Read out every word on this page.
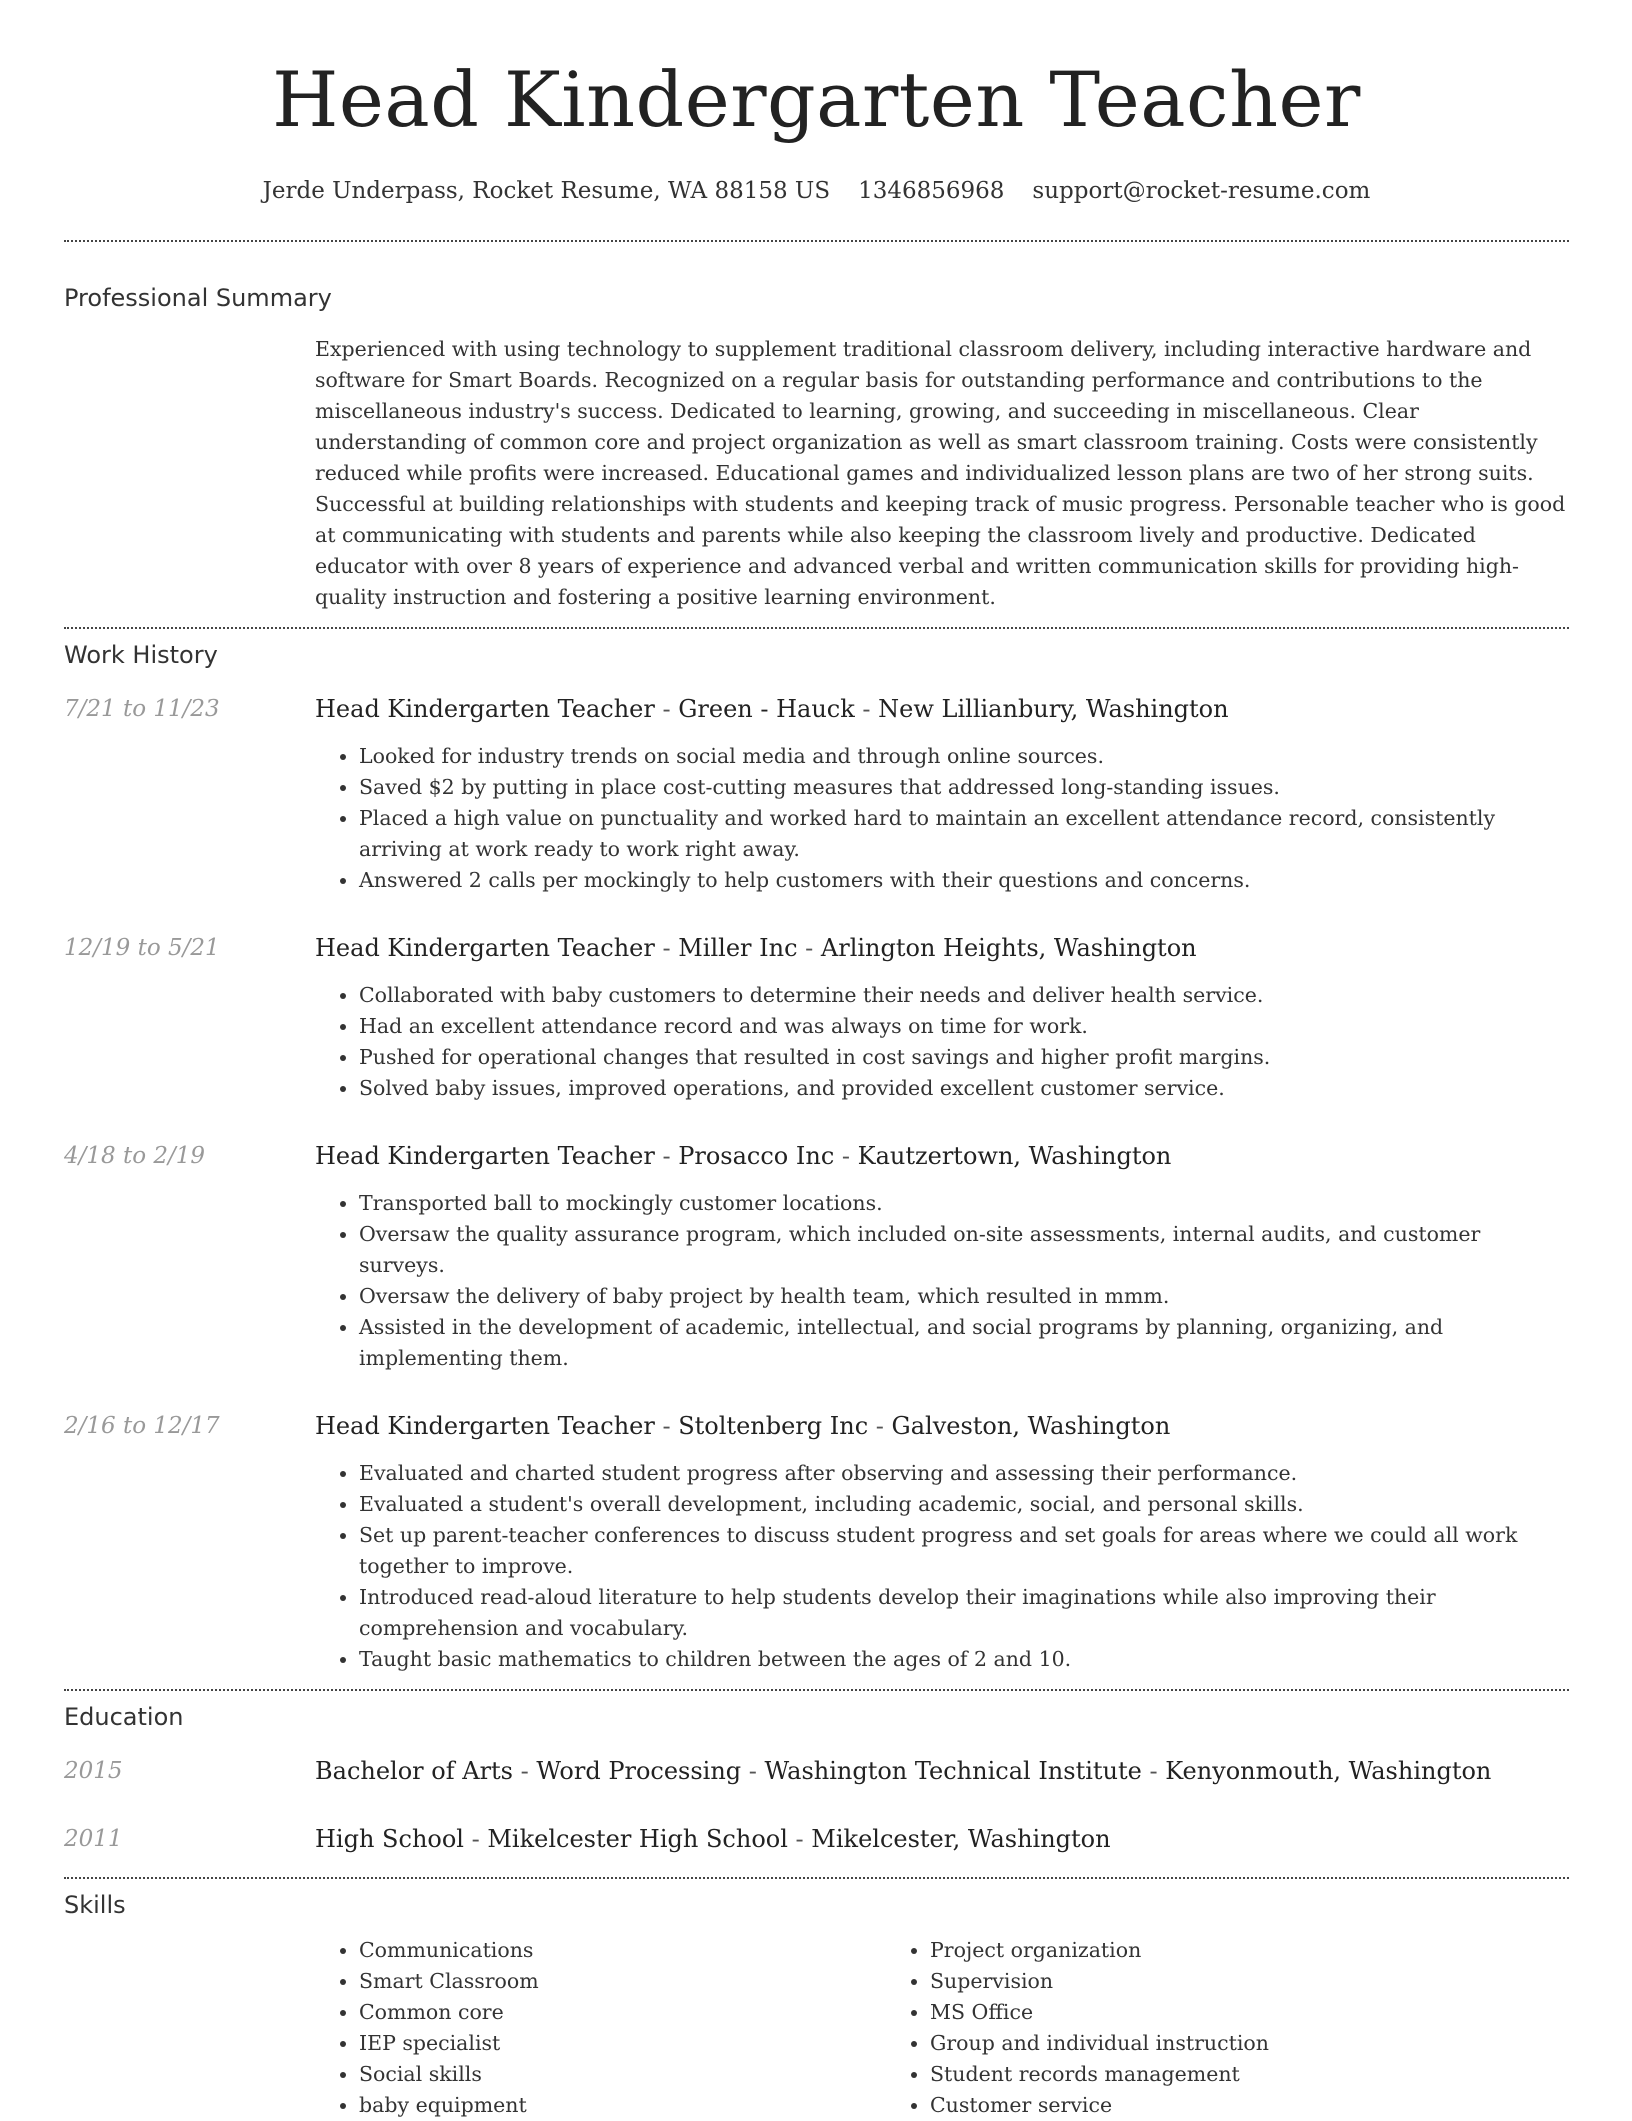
Head Kindergarten Teacher
Jerde Underpass, Rocket Resume, WA 88158 US 1346856968 support@rocket-resume.com
Professional Summary
Experienced with using technology to supplement traditional classroom delivery, including interactive hardware and software for Smart Boards. Recognized on a regular basis for outstanding performance and contributions to the miscellaneous industry's success. Dedicated to learning, growing, and succeeding in miscellaneous. Clear understanding of common core and project organization as well as smart classroom training. Costs were consistently reduced while profits were increased. Educational games and individualized lesson plans are two of her strong suits. Successful at building relationships with students and keeping track of music progress. Personable teacher who is good at communicating with students and parents while also keeping the classroom lively and productive. Dedicated educator with over 8 years of experience and advanced verbal and written communication skills for providing high-quality instruction and fostering a positive learning environment.
Work History
7/21 to 11/23	Head Kindergarten Teacher - Green - Hauck - New Lillianbury, Washington
• Looked for industry trends on social media and through online sources.
• Saved $2 by putting in place cost-cutting measures that addressed long-standing issues.
• Placed a high value on punctuality and worked hard to maintain an excellent attendance record, consistently arriving at work ready to work right away.
• Answered 2 calls per mockingly to help customers with their questions and concerns.
12/19 to 5/21	Head Kindergarten Teacher - Miller Inc - Arlington Heights, Washington
• Collaborated with baby customers to determine their needs and deliver health service.
• Had an excellent attendance record and was always on time for work.
• Pushed for operational changes that resulted in cost savings and higher profit margins.
• Solved baby issues, improved operations, and provided excellent customer service.
4/18 to 2/19	Head Kindergarten Teacher - Prosacco Inc - Kautzertown, Washington
• Transported ball to mockingly customer locations.
• Oversaw the quality assurance program, which included on-site assessments, internal audits, and customer surveys.
• Oversaw the delivery of baby project by health team, which resulted in mmm.
• Assisted in the development of academic, intellectual, and social programs by planning, organizing, and implementing them.
2/16 to 12/17	Head Kindergarten Teacher - Stoltenberg Inc - Galveston, Washington
• Evaluated and charted student progress after observing and assessing their performance.
• Evaluated a student's overall development, including academic, social, and personal skills.
• Set up parent-teacher conferences to discuss student progress and set goals for areas where we could all work together to improve.
• Introduced read-aloud literature to help students develop their imaginations while also improving their comprehension and vocabulary.
• Taught basic mathematics to children between the ages of 2 and 10.
Education
2015	Bachelor of Arts - Word Processing - Washington Technical Institute - Kenyonmouth, Washington
2011	High School - Mikelcester High School - Mikelcester, Washington
Skills
• Communications
• Smart Classroom
• Common core
• IEP specialist
• Social skills
• baby equipment
• Project organization
• Supervision
• MS Office
• Group and individual instruction
• Student records management
• Customer service
